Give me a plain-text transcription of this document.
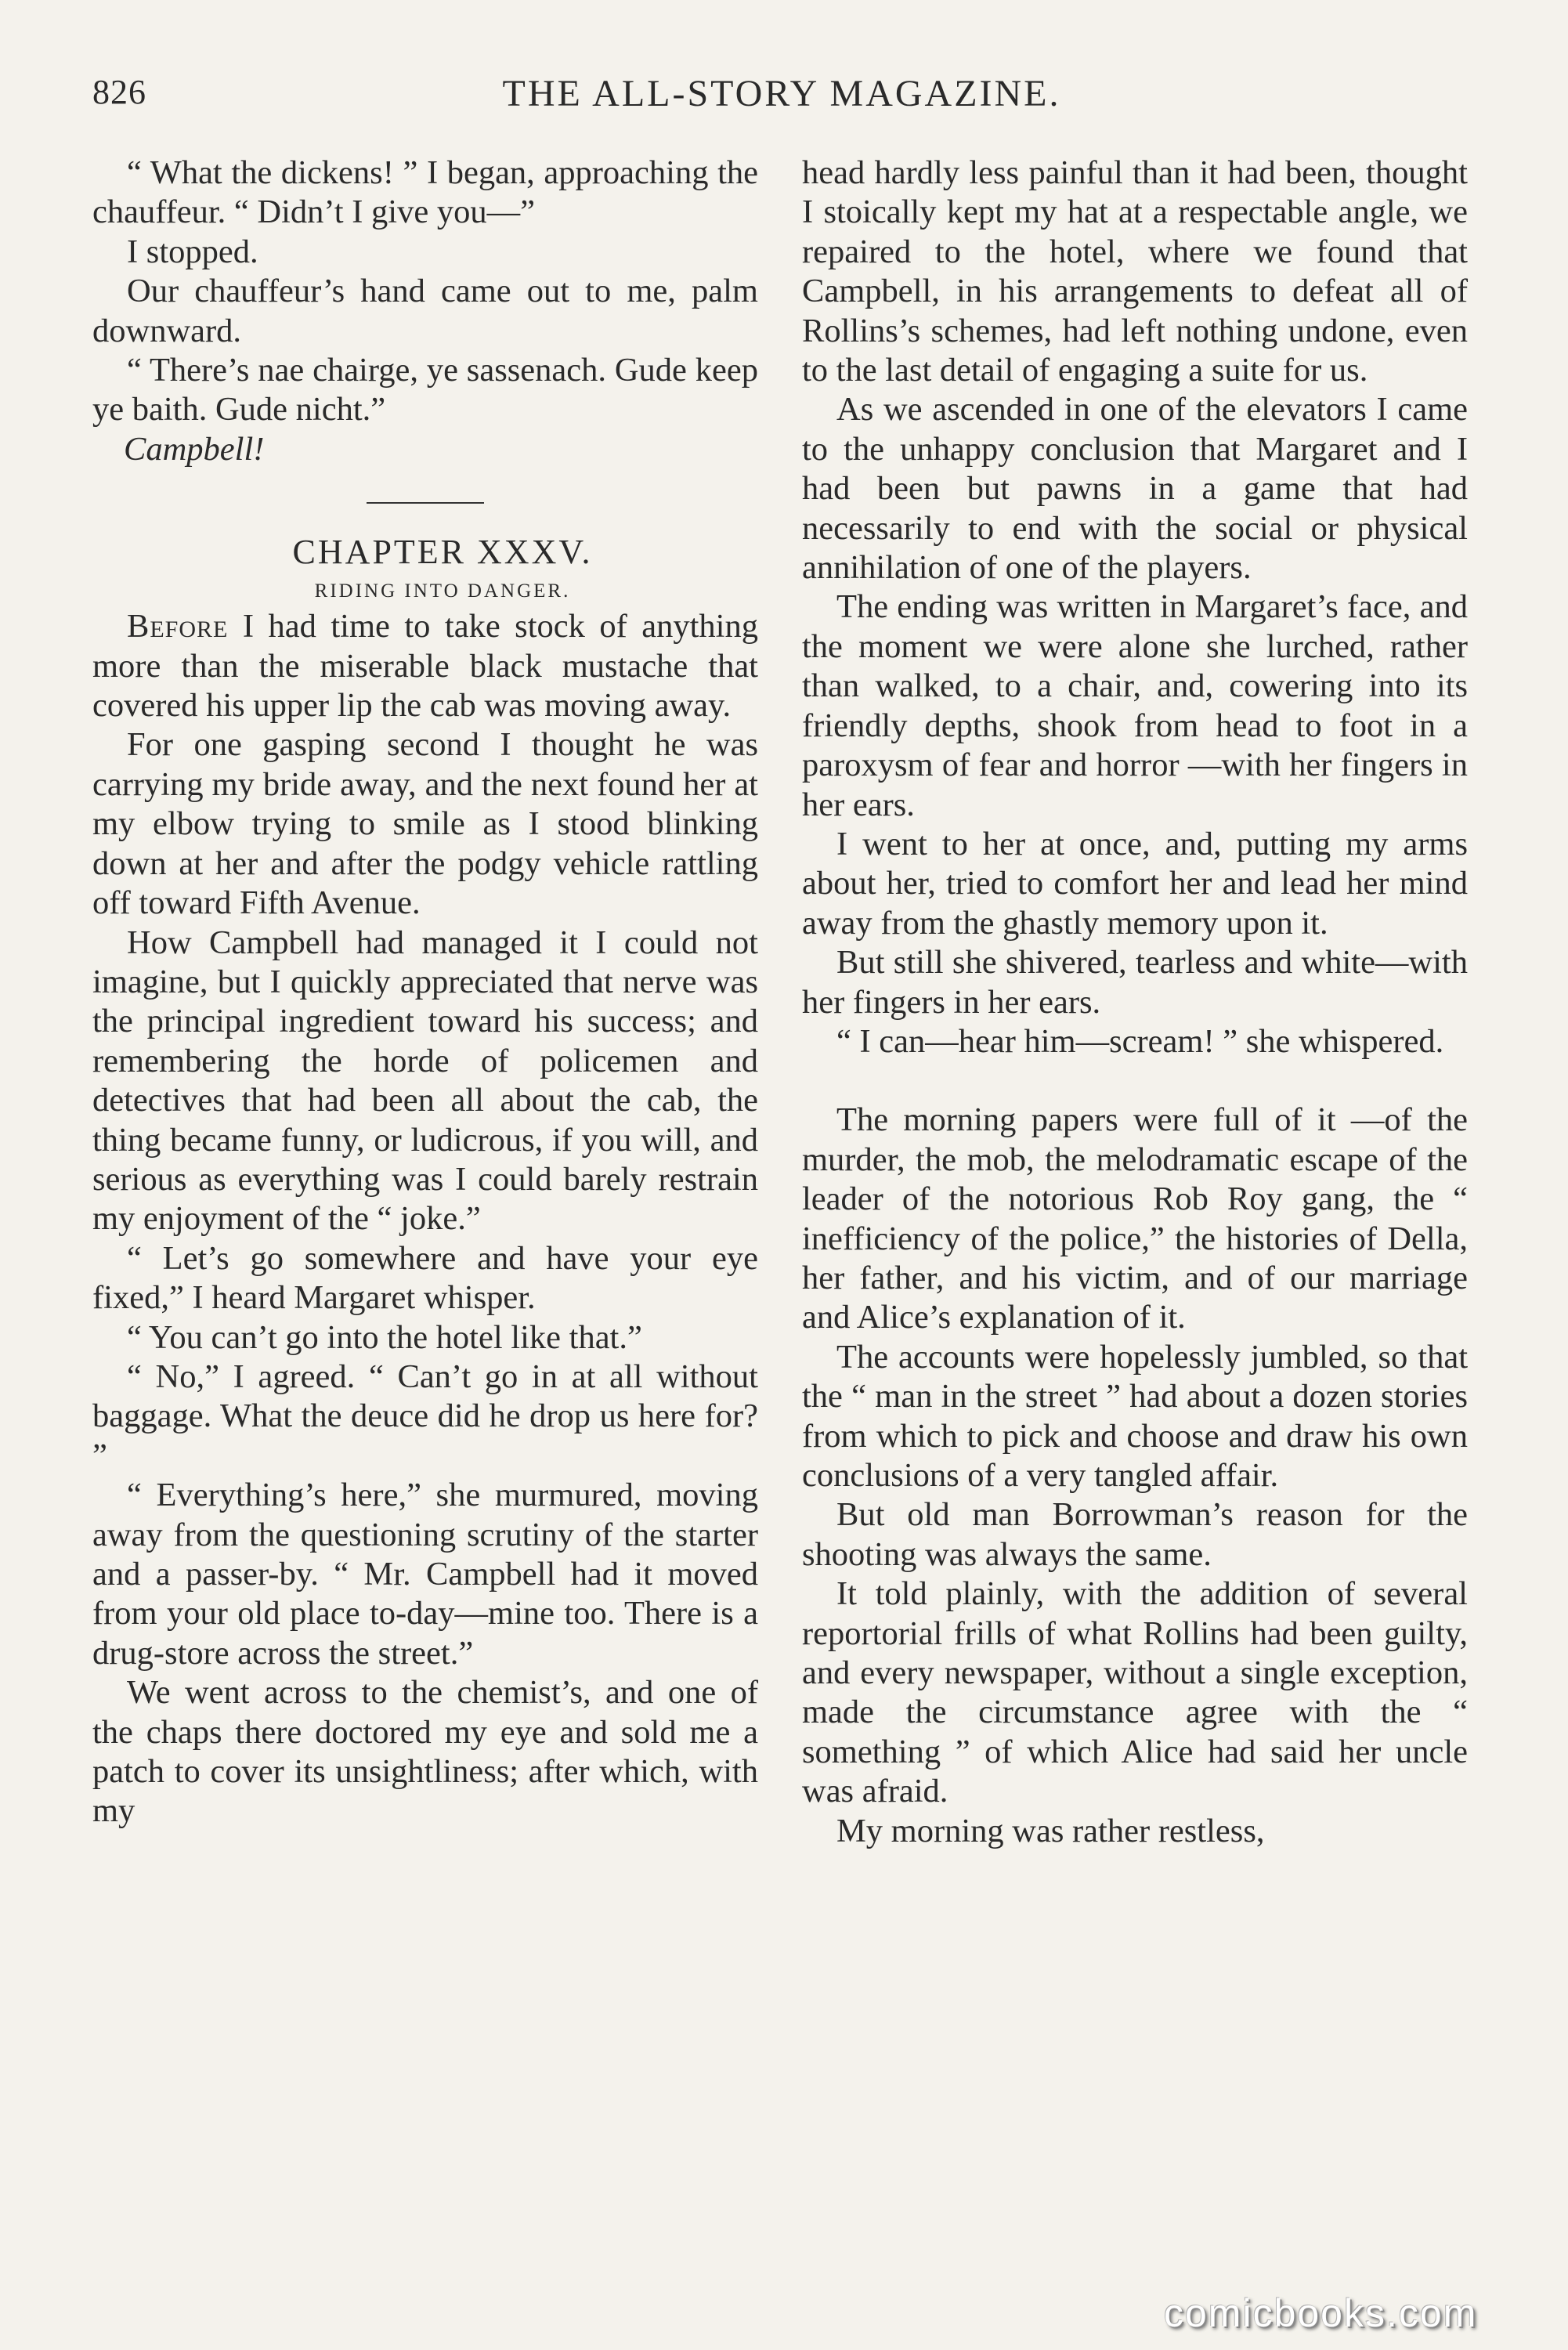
826	THE ALL-STORY MAGAZINE.

“ What the dickens! ” I began, approaching the chauffeur. “ Didn’t I give you—”

I stopped.

Our chauffeur’s hand came out to me, palm downward.

“ There’s nae chairge, ye sassenach. Gude keep ye baith. Gude nicht.”

Campbell!

CHAPTER XXXV.

RIDING INTO DANGER.

Before I had time to take stock of anything more than the miserable black mustache that covered his upper lip the cab was moving away.

For one gasping second I thought he was carrying my bride away, and the next found her at my elbow trying to smile as I stood blinking down at her and after the podgy vehicle rattling off toward Fifth Avenue.

How Campbell had managed it I could not imagine, but I quickly appreciated that nerve was the principal ingredient toward his success; and remembering the horde of policemen and detectives that had been all about the cab, the thing became funny, or ludicrous, if you will, and serious as everything was I could barely restrain my enjoyment of the “ joke.”

“ Let’s go somewhere and have your eye fixed,” I heard Margaret whisper.

“ You can’t go into the hotel like that.”

“ No,” I agreed. “ Can’t go in at all without baggage. What the deuce did he drop us here for? ”

“ Everything’s here,” she murmured, moving away from the questioning scrutiny of the starter and a passer-by. “ Mr. Campbell had it moved from your old place to-day—mine too. There is a drug-store across the street.”

We went across to the chemist’s, and one of the chaps there doctored my eye and sold me a patch to cover its unsightliness; after which, with my

head hardly less painful than it had been, thought I stoically kept my hat at a respectable angle, we repaired to the hotel, where we found that Campbell, in his arrangements to defeat all of Rollins’s schemes, had left nothing undone, even to the last detail of engaging a suite for us.

As we ascended in one of the elevators I came to the unhappy conclusion that Margaret and I had been but pawns in a game that had necessarily to end with the social or physical annihilation of one of the players.

The ending was written in Margaret’s face, and the moment we were alone she lurched, rather than walked, to a chair, and, cowering into its friendly depths, shook from head to foot in a paroxysm of fear and horror —with her fingers in her ears.

I went to her at once, and, putting my arms about her, tried to comfort her and lead her mind away from the ghastly memory upon it.

But still she shivered, tearless and white—with her fingers in her ears.

“ I can—hear him—scream! ” she whispered.

The morning papers were full of it —of the murder, the mob, the melodramatic escape of the leader of the notorious Rob Roy gang, the “ inefficiency of the police,” the histories of Della, her father, and his victim, and of our marriage and Alice’s explanation of it.

The accounts were hopelessly jumbled, so that the “ man in the street ” had about a dozen stories from which to pick and choose and draw his own conclusions of a very tangled affair.

But old man Borrowman’s reason for the shooting was always the same.

It told plainly, with the addition of several reportorial frills of what Rollins had been guilty, and every newspaper, without a single exception, made the circumstance agree with the “ something ” of which Alice had said her uncle was afraid.

My morning was rather restless,

comicbooks.com
